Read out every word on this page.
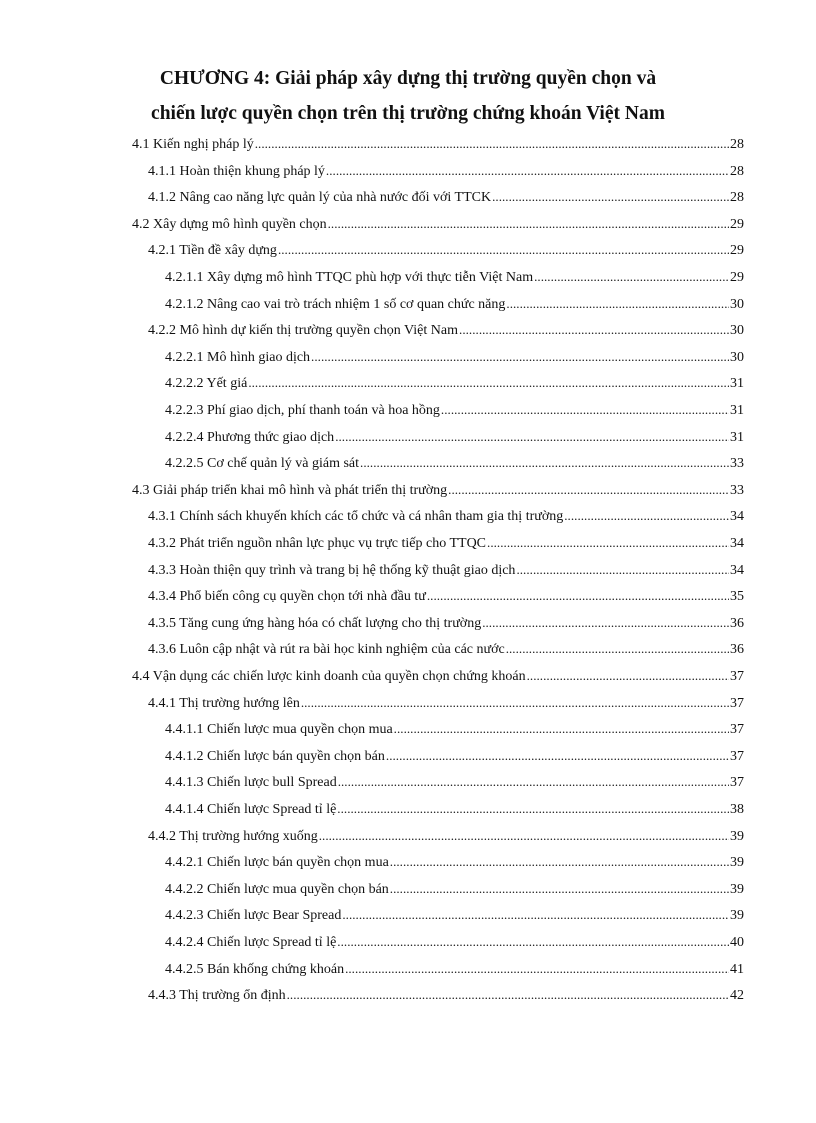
CHƯƠNG 4: Giải pháp xây dựng thị trường quyền chọn và
chiến lược quyền chọn trên thị trường chứng khoán Việt Nam
4.1 Kiến nghị pháp lý . . .	28
4.1.1 Hoàn thiện khung pháp lý . . .	28
4.1.2 Nâng cao năng lực quản lý của nhà nước đối với TTCK . . .	28
4.2 Xây dựng mô hình quyền chọn . . .	29
4.2.1 Tiền đề xây dựng . . .	29
4.2.1.1 Xây dựng mô hình TTQC phù hợp với thực tiễn Việt Nam . . .	29
4.2.1.2 Nâng cao vai trò trách nhiệm 1 số cơ quan chức năng . . .	30
4.2.2 Mô hình dự kiến thị trường quyền chọn Việt Nam . . .	30
4.2.2.1 Mô hình giao dịch . . .	30
4.2.2.2 Yết giá . . .	31
4.2.2.3 Phí giao dịch, phí thanh toán và hoa hồng . . .	31
4.2.2.4 Phương thức giao dịch . . .	31
4.2.2.5 Cơ chế quản lý và giám sát . . .	33
4.3 Giải pháp triển khai mô hình và phát triển thị trường . . .	33
4.3.1 Chính sách khuyến khích các tổ chức và cá nhân tham gia thị trường . . .	34
4.3.2 Phát triển nguồn nhân lực phục vụ trực tiếp cho TTQC . . .	34
4.3.3 Hoàn thiện quy trình và trang bị hệ thống kỹ thuật giao dịch . . .	34
4.3.4 Phổ biến công cụ quyền chọn tới nhà đầu tư . . .	35
4.3.5 Tăng cung ứng hàng hóa có chất lượng cho thị trường . . .	36
4.3.6 Luôn cập nhật và rút ra bài học kinh nghiệm của các nước . . .	36
4.4 Vận dụng các chiến lược kinh doanh của quyền chọn chứng khoán . . .	37
4.4.1 Thị trường hướng lên . . .	37
4.4.1.1 Chiến lược mua quyền chọn mua . . .	37
4.4.1.2 Chiến lược bán quyền chọn bán . . .	37
4.4.1.3 Chiến lược bull Spread . . .	37
4.4.1.4 Chiến lược Spread tỉ lệ . . .	38
4.4.2 Thị trường hướng xuống . . .	39
4.4.2.1 Chiến lược bán quyền chọn mua . . .	39
4.4.2.2 Chiến lược mua quyền chọn bán . . .	39
4.4.2.3 Chiến lược Bear Spread . . .	39
4.4.2.4 Chiến lược Spread tỉ lệ . . .	40
4.4.2.5 Bán khống chứng khoán . . .	41
4.4.3 Thị trường ổn định . . .	42
